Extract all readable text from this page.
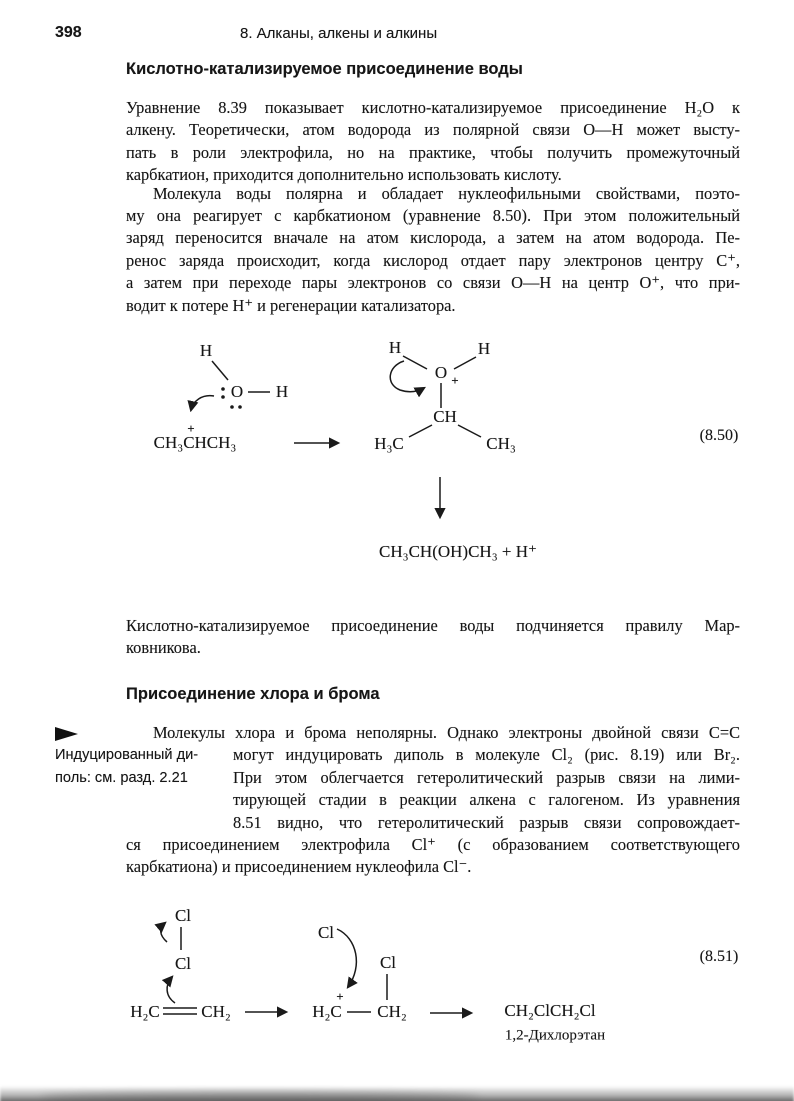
398	8. Алканы, алкены и алкины
Кислотно-катализируемое присоединение воды
Уравнение 8.39 показывает кислотно-катализируемое присоединение H₂O к
алкену. Теоретически, атом водорода из полярной связи O—H может высту-
пать в роли электрофила, но на практике, чтобы получить промежуточный
карбкатион, приходится дополнительно использовать кислоту.
Молекула воды полярна и обладает нуклеофильными свойствами, поэто-
му она реагирует с карбкатионом (уравнение 8.50). При этом положительный
заряд переносится вначале на атом кислорода, а затем на атом водорода. Пе-
ренос заряда происходит, когда кислород отдает пару электронов центру C⁺,
а затем при переходе пары электронов со связи O—H на центр O⁺, что при-
водит к потере H⁺ и регенерации катализатора.
H
O H
+
CH₃CHCH₃
H	H
O +
CH
H₃C	CH₃	(8.50)
CH₃CH(OH)CH₃ + H⁺
Кислотно-катализируемое присоединение воды подчиняется правилу Мар-
ковникова.
Присоединение хлора и брома
Индуцированный ди-
поль: см. разд. 2.21
Молекулы хлора и брома неполярны. Однако электроны двойной связи C=C
могут индуцировать диполь в молекуле Cl₂ (рис. 8.19) или Br₂.
При этом облегчается гетеролитический разрыв связи на лими-
тирующей стадии в реакции алкена с галогеном. Из уравнения
8.51 видно, что гетеролитический разрыв связи сопровождает-
ся присоединением электрофила Cl⁺ (с образованием соответствующего
карбкатиона) и присоединением нуклеофила Cl⁻.
Cl
Cl
H₂C CH₂
Cl
+
H₂C CH₂
Cl
CH₂ClCH₂Cl
1,2-Дихлорэтан
(8.51)
